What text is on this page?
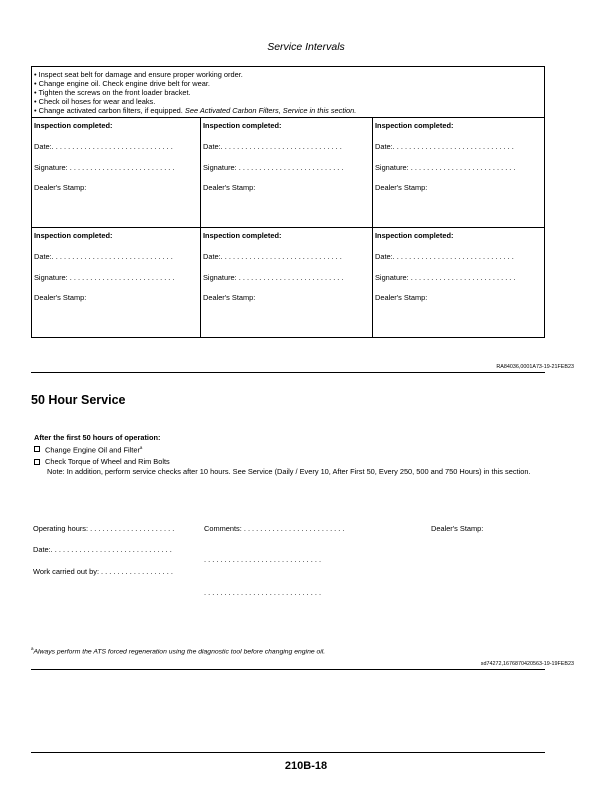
Service Intervals
• Inspect seat belt for damage and ensure proper working order.
• Change engine oil. Check engine drive belt for wear.
• Tighten the screws on the front loader bracket.
• Check oil hoses for wear and leaks.
• Change activated carbon filters, if equipped. See Activated Carbon Filters, Service in this section.
Inspection completed:
Date:. . . . . . . . . . . . . . . . . . . . . . . . . . . . . .
Signature: . . . . . . . . . . . . . . . . . . . . . . . . . .
Dealer's Stamp:
Inspection completed:
Date:. . . . . . . . . . . . . . . . . . . . . . . . . . . . . .
Signature: . . . . . . . . . . . . . . . . . . . . . . . . . .
Dealer's Stamp:
Inspection completed:
Date:. . . . . . . . . . . . . . . . . . . . . . . . . . . . . .
Signature: . . . . . . . . . . . . . . . . . . . . . . . . . .
Dealer's Stamp:
Inspection completed:
Date:. . . . . . . . . . . . . . . . . . . . . . . . . . . . . .
Signature: . . . . . . . . . . . . . . . . . . . . . . . . . .
Dealer's Stamp:
Inspection completed:
Date:. . . . . . . . . . . . . . . . . . . . . . . . . . . . . .
Signature: . . . . . . . . . . . . . . . . . . . . . . . . . .
Dealer's Stamp:
Inspection completed:
Date:. . . . . . . . . . . . . . . . . . . . . . . . . . . . . .
Signature: . . . . . . . . . . . . . . . . . . . . . . . . . .
Dealer's Stamp:
RA84036,0001A73-19-21FEB23
50 Hour Service
After the first 50 hours of operation:
Change Engine Oil and Filter$^a$
Check Torque of Wheel and Rim Bolts
Note: In addition, perform service checks after 10 hours. See Service (Daily / Every 10, After First 50, Every 250, 500 and 750 Hours) in this section.
Operating hours: . . . . . . . . . . . . . . . . . . . . .	Comments: . . . . . . . . . . . . . . . . . . . . . . . . .	Dealer's Stamp:
Date:. . . . . . . . . . . . . . . . . . . . . . . . . . . . . .
. . . . . . . . . . . . . . . . . . . . . . . . . . . . .
Work carried out by: . . . . . . . . . . . . . . . . . .
. . . . . . . . . . . . . . . . . . . . . . . . . . . . .
$^a$Always perform the ATS forced regeneration using the diagnostic tool before changing engine oil.
sd74272,1676870420563-19-19FEB23
210B-18
